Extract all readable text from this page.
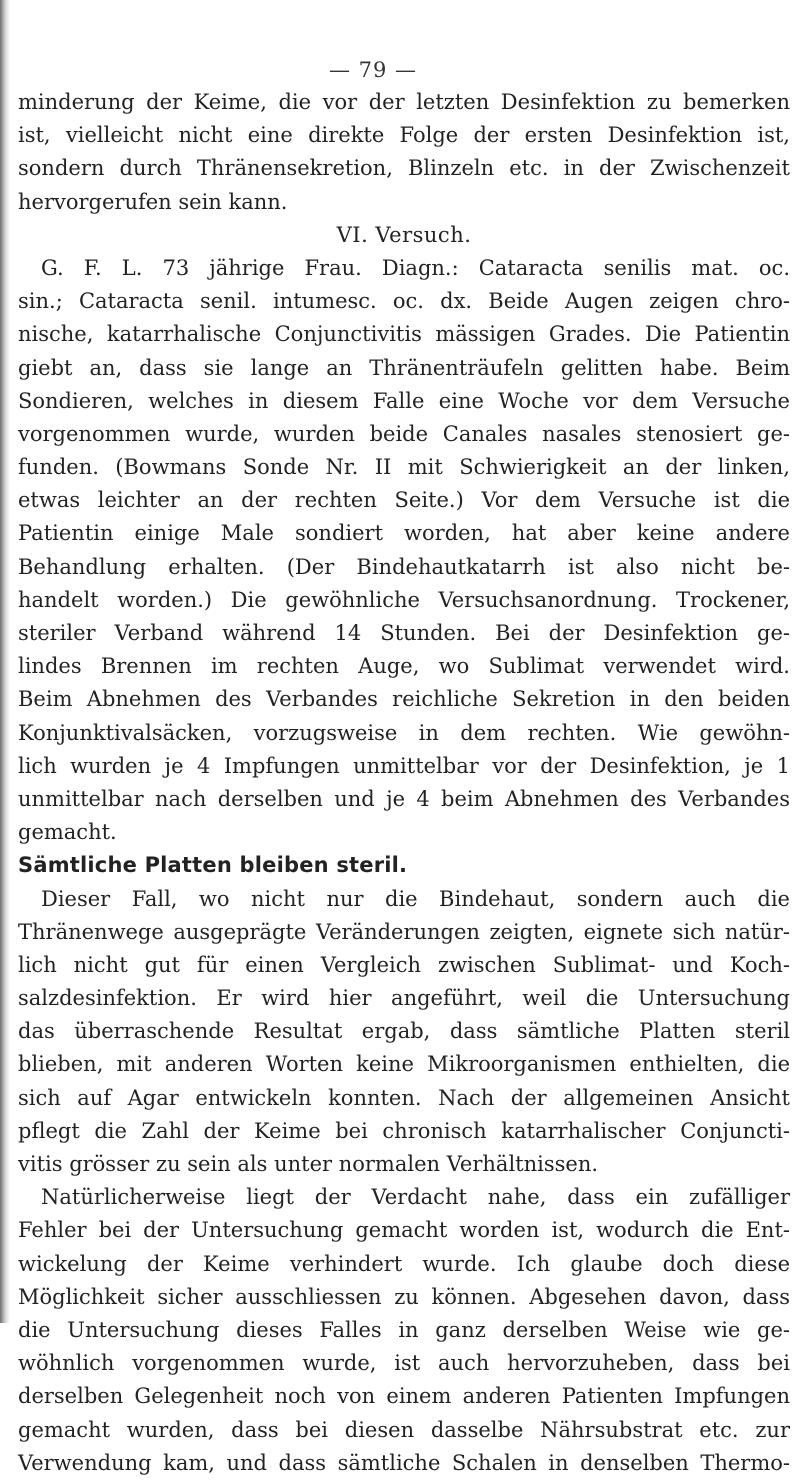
— 79 —
minderung der Keime, die vor der letzten Desinfektion zu bemerken
ist, vielleicht nicht eine direkte Folge der ersten Desinfektion ist,
sondern durch Thränensekretion, Blinzeln etc. in der Zwischenzeit
hervorgerufen sein kann.
VI. Versuch.
G. F. L. 73 jährige Frau. Diagn.: Cataracta senilis mat. oc.
sin.; Cataracta senil. intumesc. oc. dx. Beide Augen zeigen chro-
nische, katarrhalische Conjunctivitis mässigen Grades. Die Patientin
giebt an, dass sie lange an Thränenträufeln gelitten habe. Beim
Sondieren, welches in diesem Falle eine Woche vor dem Versuche
vorgenommen wurde, wurden beide Canales nasales stenosiert ge-
funden. (Bowmans Sonde Nr. II mit Schwierigkeit an der linken,
etwas leichter an der rechten Seite.) Vor dem Versuche ist die
Patientin einige Male sondiert worden, hat aber keine andere
Behandlung erhalten. (Der Bindehautkatarrh ist also nicht be-
handelt worden.) Die gewöhnliche Versuchsanordnung. Trockener,
steriler Verband während 14 Stunden. Bei der Desinfektion ge-
lindes Brennen im rechten Auge, wo Sublimat verwendet wird.
Beim Abnehmen des Verbandes reichliche Sekretion in den beiden
Konjunktivalsäcken, vorzugsweise in dem rechten. Wie gewöhn-
lich wurden je 4 Impfungen unmittelbar vor der Desinfektion, je 1
unmittelbar nach derselben und je 4 beim Abnehmen des Verbandes
gemacht.
Sämtliche Platten bleiben steril.
Dieser Fall, wo nicht nur die Bindehaut, sondern auch die
Thränenwege ausgeprägte Veränderungen zeigten, eignete sich natür-
lich nicht gut für einen Vergleich zwischen Sublimat- und Koch-
salzdesinfektion. Er wird hier angeführt, weil die Untersuchung
das überraschende Resultat ergab, dass sämtliche Platten steril
blieben, mit anderen Worten keine Mikroorganismen enthielten, die
sich auf Agar entwickeln konnten. Nach der allgemeinen Ansicht
pflegt die Zahl der Keime bei chronisch katarrhalischer Conjuncti-
vitis grösser zu sein als unter normalen Verhältnissen.
Natürlicherweise liegt der Verdacht nahe, dass ein zufälliger
Fehler bei der Untersuchung gemacht worden ist, wodurch die Ent-
wickelung der Keime verhindert wurde. Ich glaube doch diese
Möglichkeit sicher ausschliessen zu können. Abgesehen davon, dass
die Untersuchung dieses Falles in ganz derselben Weise wie ge-
wöhnlich vorgenommen wurde, ist auch hervorzuheben, dass bei
derselben Gelegenheit noch von einem anderen Patienten Impfungen
gemacht wurden, dass bei diesen dasselbe Nährsubstrat etc. zur
Verwendung kam, und dass sämtliche Schalen in denselben Thermo-
